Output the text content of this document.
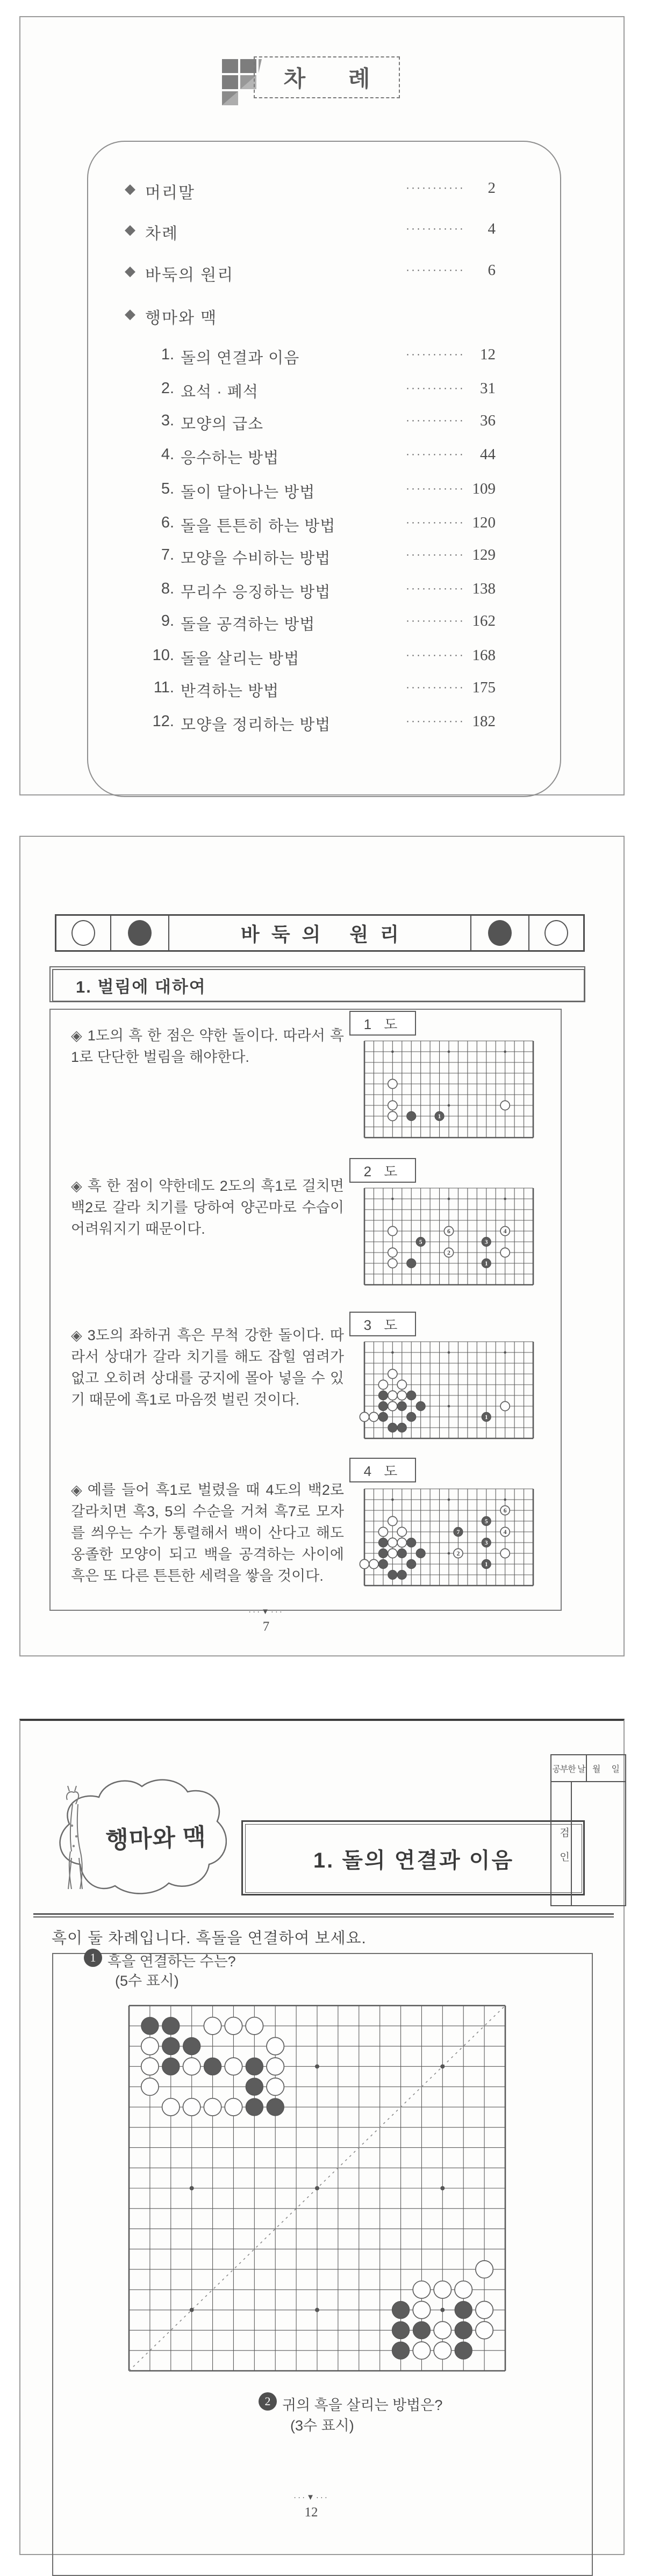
차 례
◆ 머리말	···········	2
◆ 차례	···········	4
◆ 바둑의 원리	···········	6
◆ 행마와 맥
1. 돌의 연결과 이음	··········· 12
2. 요석 · 폐석	··········· 31
3. 모양의 급소	··········· 36
4. 응수하는 방법	··········· 44
5. 돌이 달아나는 방법	··········· 109
6. 돌을 튼튼히 하는 방법	··········· 120
7. 모양을 수비하는 방법	··········· 129
8. 무리수 응징하는 방법	··········· 138
9. 돌을 공격하는 방법	··········· 162
10. 돌을 살리는 방법	··········· 168
11. 반격하는 방법	··········· 175
12. 모양을 정리하는 방법	··········· 182
바둑의 원리
1. 벌림에 대하여
◈ 1도의 흑 한 점은 약한 돌이다. 따라서 흑1로 단단한 벌림을 해야한다.
◈ 흑 한 점이 약한데도 2도의 흑1로 걸치면 백2로 갈라 치기를 당하여 양곤마로 수습이 어려워지기 때문이다.
◈ 3도의 좌하귀 흑은 무척 강한 돌이다. 따라서 상대가 갈라 치기를 해도 잡힐 염려가 없고 오히려 상대를 궁지에 몰아 넣을 수 있기 때문에 흑1로 마음껏 벌린 것이다.
◈ 예를 들어 흑1로 벌렸을 때 4도의 백2로 갈라치면 흑3, 5의 수순을 거쳐 흑7로 모자를 씌우는 수가 통렬해서 백이 산다고 해도 옹졸한 모양이 되고 백을 공격하는 사이에 흑은 또 다른 튼튼한 세력을 쌓을 것이다.
1 도
1
2 도
6
2
4
5	3
1
3 도
1
4 도
6
4
2
5
7
3
1
···▼···
7
행마와 맥
1. 돌의 연결과 이음
공부한 날 월 일
검인
흑이 둘 차례입니다. 흑돌을 연결하여 보세요.
1 흑을 연결하는 수는?
(5수 표시)
2 귀의 흑을 살리는 방법은?
(3수 표시)
···▼···
12
